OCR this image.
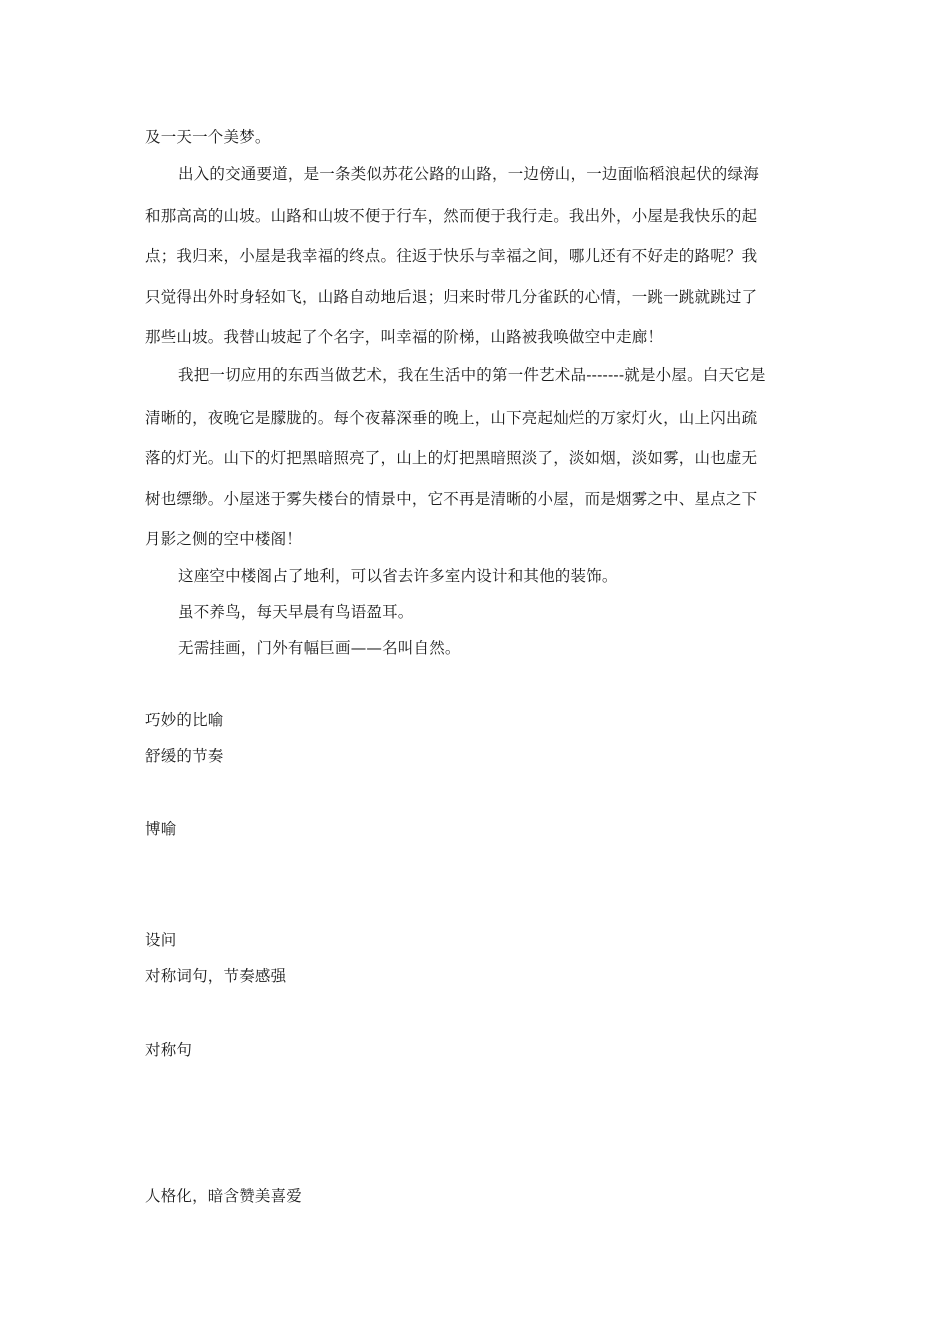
及一天一个美梦。
出入的交通要道，是一条类似苏花公路的山路，一边傍山，一边面临稻浪起伏的绿海
和那高高的山坡。山路和山坡不便于行车，然而便于我行走。我出外，小屋是我快乐的起
点；我归来，小屋是我幸福的终点。往返于快乐与幸福之间，哪儿还有不好走的路呢？我
只觉得出外时身轻如飞，山路自动地后退；归来时带几分雀跃的心情，一跳一跳就跳过了
那些山坡。我替山坡起了个名字，叫幸福的阶梯，山路被我唤做空中走廊！
我把一切应用的东西当做艺术，我在生活中的第一件艺术品-------就是小屋。白天它是
清晰的，夜晚它是朦胧的。每个夜幕深垂的晚上，山下亮起灿烂的万家灯火，山上闪出疏
落的灯光。山下的灯把黑暗照亮了，山上的灯把黑暗照淡了，淡如烟，淡如雾，山也虚无
树也缥缈。小屋迷于雾失楼台的情景中，它不再是清晰的小屋，而是烟雾之中、星点之下
月影之侧的空中楼阁！
这座空中楼阁占了地利，可以省去许多室内设计和其他的装饰。
虽不养鸟，每天早晨有鸟语盈耳。
无需挂画，门外有幅巨画——名叫自然。
巧妙的比喻
舒缓的节奏
博喻
设问
对称词句，节奏感强
对称句
人格化，暗含赞美喜爱
